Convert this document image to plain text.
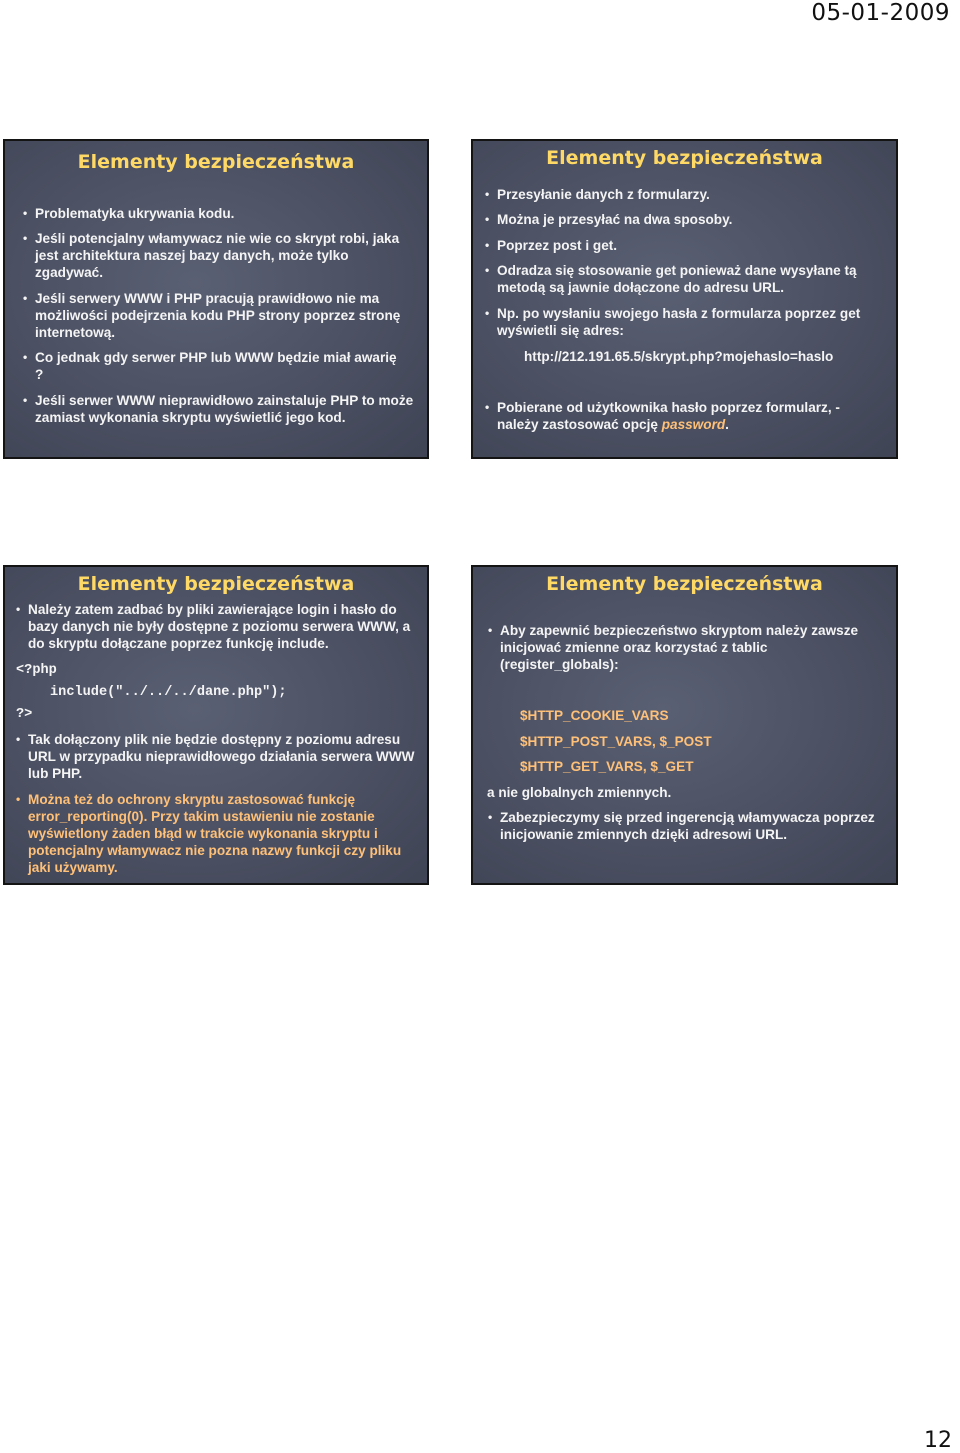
05-01-2009
Elementy bezpieczeństwa
• Problematyka ukrywania kodu.
• Jeśli potencjalny włamywacz nie wie co skrypt robi, jaka jest architektura naszej bazy danych, może tylko zgadywać.
• Jeśli serwery WWW i PHP pracują prawidłowo nie ma możliwości podejrzenia kodu PHP strony poprzez stronę internetową.
• Co jednak gdy serwer PHP lub WWW będzie miał awarię ?
• Jeśli serwer WWW nieprawidłowo zainstaluje PHP to może zamiast wykonania skryptu wyświetlić jego kod.
Elementy bezpieczeństwa
• Przesyłanie danych z formularzy.
• Można je przesyłać na dwa sposoby.
• Poprzez post i get.
• Odradza się stosowanie get ponieważ dane wysyłane tą metodą są jawnie dołączone do adresu URL.
• Np. po wysłaniu swojego hasła z formularza poprzez get wyświetli się adres:
http://212.191.65.5/skrypt.php?mojehaslo=haslo
• Pobierane od użytkownika hasło poprzez formularz, - należy zastosować opcję password.
Elementy bezpieczeństwa
• Należy zatem zadbać by pliki zawierające login i hasło do bazy danych nie były dostępne z poziomu serwera WWW, a do skryptu dołączane poprzez funkcję include.
<?php
include("../../../dane.php");
?>
• Tak dołączony plik nie będzie dostępny z poziomu adresu URL w przypadku nieprawidłowego działania serwera WWW lub PHP.
• Można też do ochrony skryptu zastosować funkcję error_reporting(0). Przy takim ustawieniu nie zostanie wyświetlony żaden błąd w trakcie wykonania skryptu i potencjalny włamywacz nie pozna nazwy funkcji czy pliku jaki używamy.
Elementy bezpieczeństwa
• Aby zapewnić bezpieczeństwo skryptom należy zawsze inicjować zmienne oraz korzystać z tablic (register_globals):
$HTTP_COOKIE_VARS
$HTTP_POST_VARS, $_POST
$HTTP_GET_VARS, $_GET
a nie globalnych zmiennych.
• Zabezpieczymy się przed ingerencją włamywacza poprzez inicjowanie zmiennych dzięki adresowi URL.
12
